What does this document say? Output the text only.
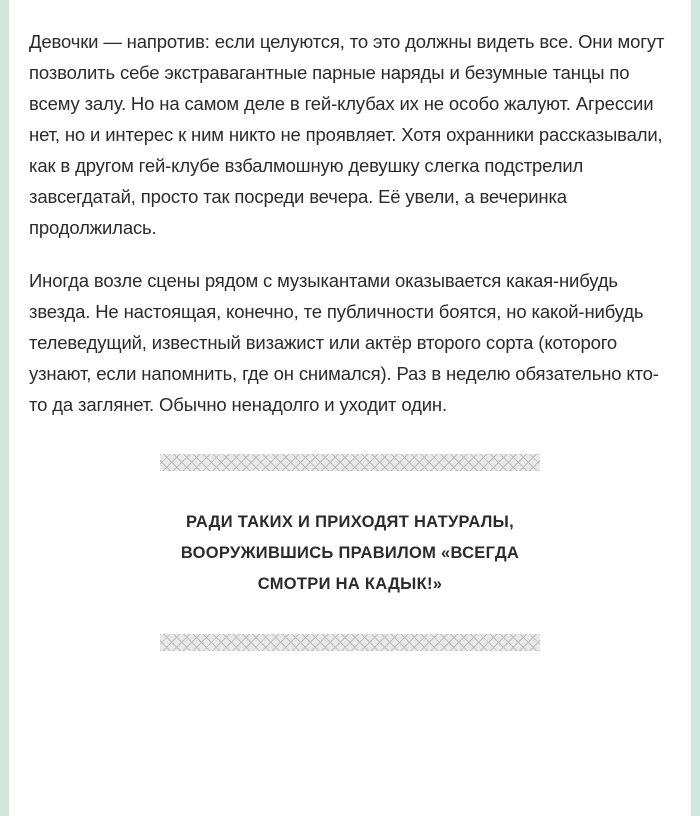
Девочки — напротив: если целуются, то это должны видеть все. Они могут позволить себе экстравагантные парные наряды и безумные танцы по всему залу. Но на самом деле в гей-клубах их не особо жалуют. Агрессии нет, но и интерес к ним никто не проявляет. Хотя охранники рассказывали, как в другом гей-клубе взбалмошную девушку слегка подстрелил завсегдатай, просто так посреди вечера. Её увели, а вечеринка продолжилась.

Иногда возле сцены рядом с музыкантами оказывается какая-нибудь звезда. Не настоящая, конечно, те публичности боятся, но какой-нибудь телеведущий, известный визажист или актёр второго сорта (которого узнают, если напомнить, где он снимался). Раз в неделю обязательно кто-то да заглянет. Обычно ненадолго и уходит один.

РАДИ ТАКИХ И ПРИХОДЯТ НАТУРАЛЫ,
ВООРУЖИВШИСЬ ПРАВИЛОМ «ВСЕГДА
СМОТРИ НА КАДЫК!»
